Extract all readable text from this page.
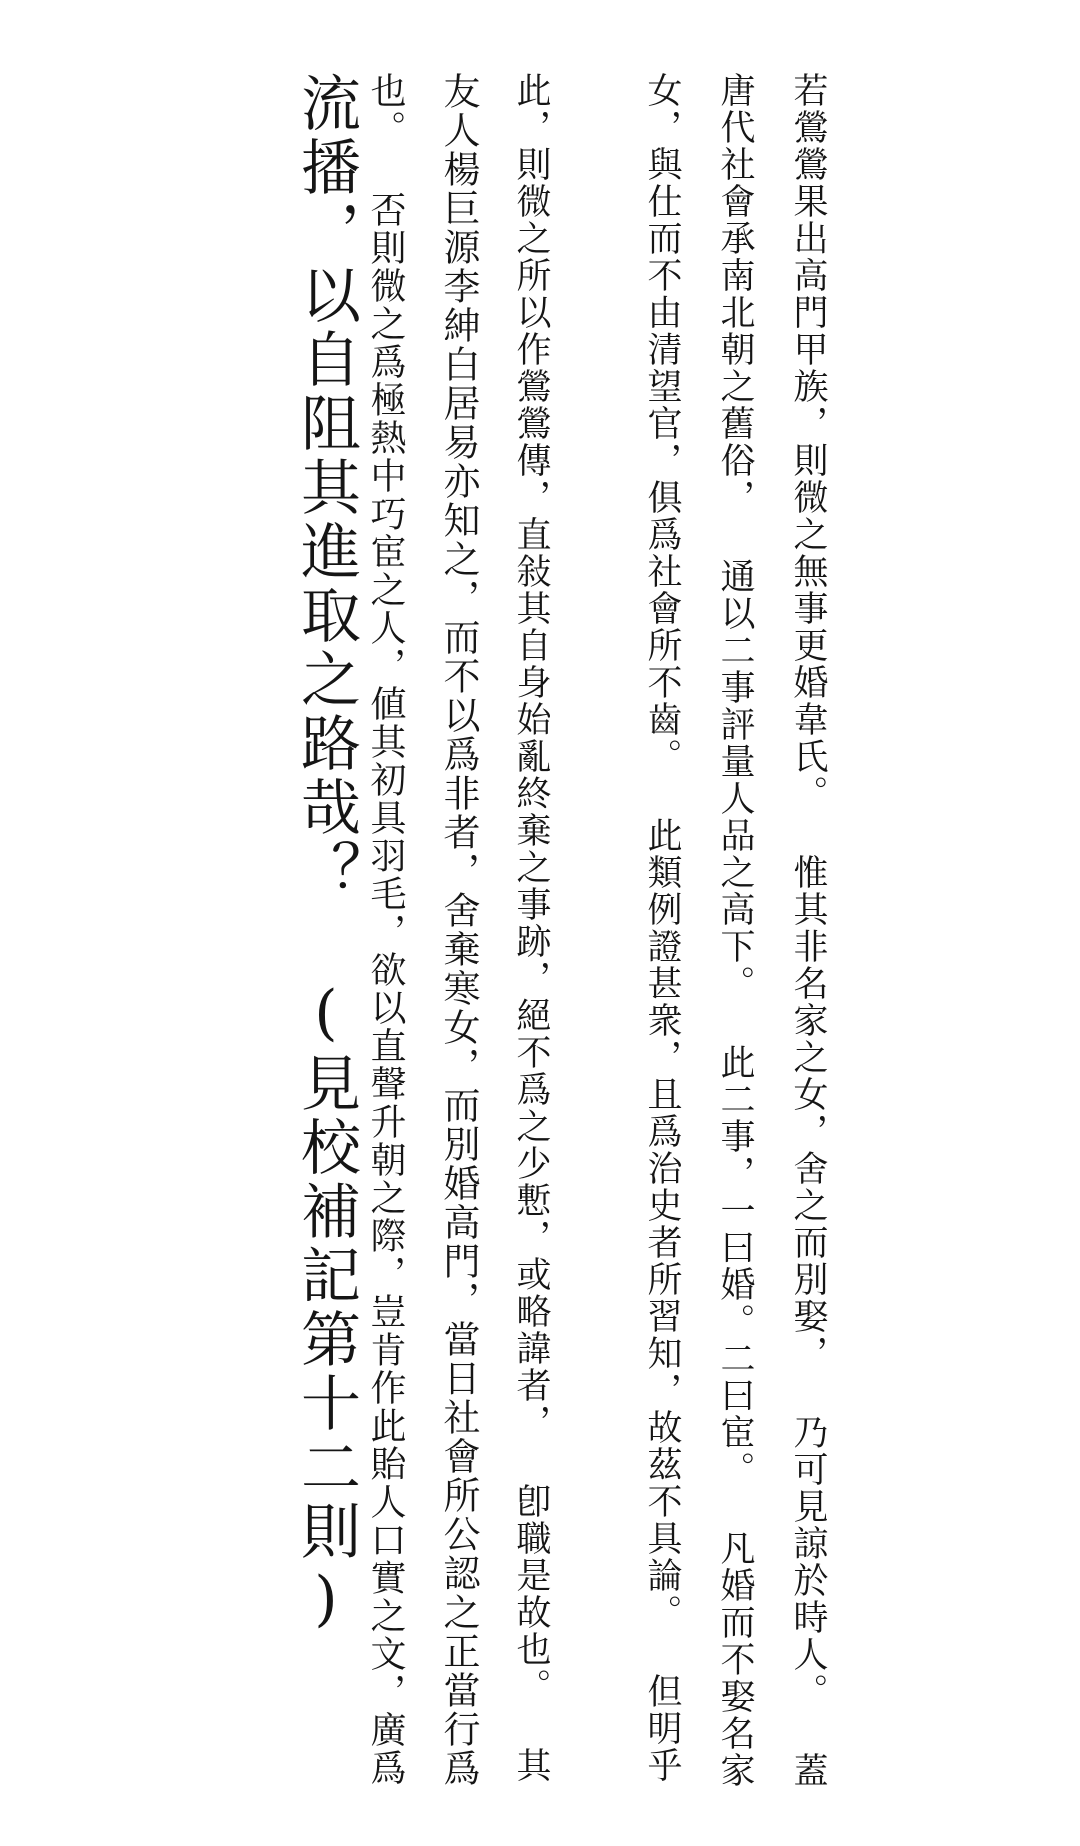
若鶯鶯果出高門甲族，則微之無事更婚韋氏。 惟其非名家之女，舍之而別娶， 乃可見諒於時人。 蓋
唐代社會承南北朝之舊俗， 通以二事評量人品之高下。 此二事，一曰婚。二曰宦。 凡婚而不娶名家
女，與仕而不由清望官，俱爲社會所不齒。 此類例證甚衆，且爲治史者所習知，故茲不具論。 但明乎
此，則微之所以作鶯鶯傳，直敍其自身始亂終棄之事跡，絕不爲之少慙，或略諱者， 卽職是故也。 其
友人楊巨源李紳白居易亦知之，而不以爲非者，舍棄寒女，而別婚高門，當日社會所公認之正當行爲
也。 否則微之爲極熱中巧宦之人，値其初具羽毛，欲以直聲升朝之際，豈肯作此貽人口實之文，廣爲
流播，以自阻其進取之路哉？ (見校補記第十二則)
